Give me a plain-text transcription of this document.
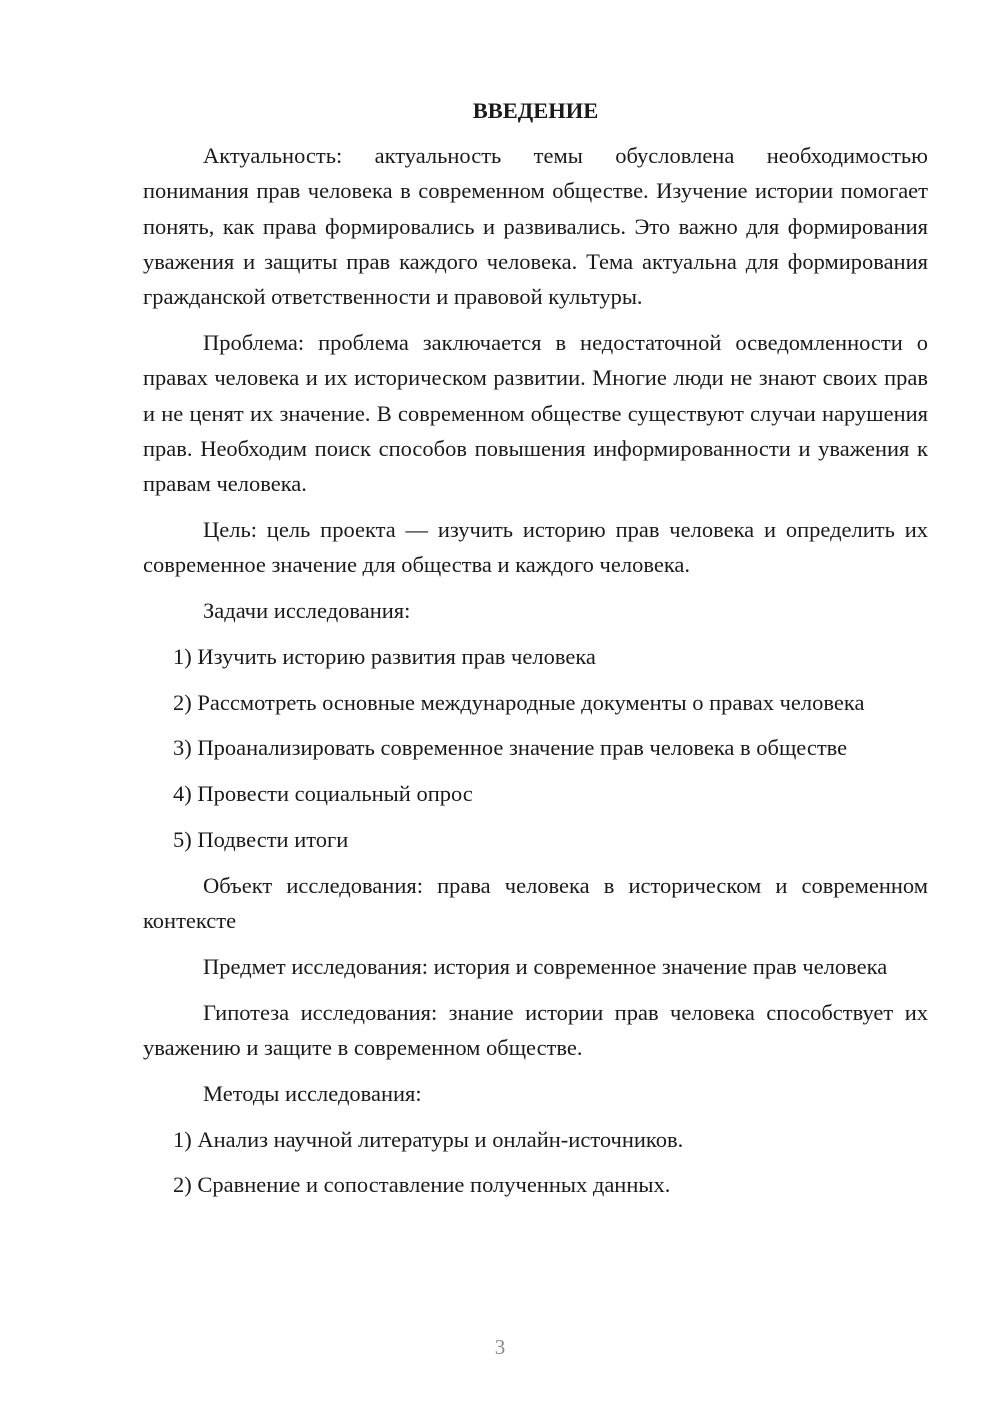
ВВЕДЕНИЕ

Актуальность: актуальность темы обусловлена необходимостью понимания прав человека в современном обществе. Изучение истории помогает понять, как права формировались и развивались. Это важно для формирования уважения и защиты прав каждого человека. Тема актуальна для формирования гражданской ответственности и правовой культуры.

Проблема: проблема заключается в недостаточной осведомленности о правах человека и их историческом развитии. Многие люди не знают своих прав и не ценят их значение. В современном обществе существуют случаи нарушения прав. Необходим поиск способов повышения информированности и уважения к правам человека.

Цель: цель проекта — изучить историю прав человека и определить их современное значение для общества и каждого человека.

Задачи исследования:

1) Изучить историю развития прав человека

2) Рассмотреть основные международные документы о правах человека

3) Проанализировать современное значение прав человека в обществе

4) Провести социальный опрос

5) Подвести итоги

Объект исследования: права человека в историческом и современном контексте

Предмет исследования: история и современное значение прав человека

Гипотеза исследования: знание истории прав человека способствует их уважению и защите в современном обществе.

Методы исследования:

1) Анализ научной литературы и онлайн-источников.

2) Сравнение и сопоставление полученных данных.

3
